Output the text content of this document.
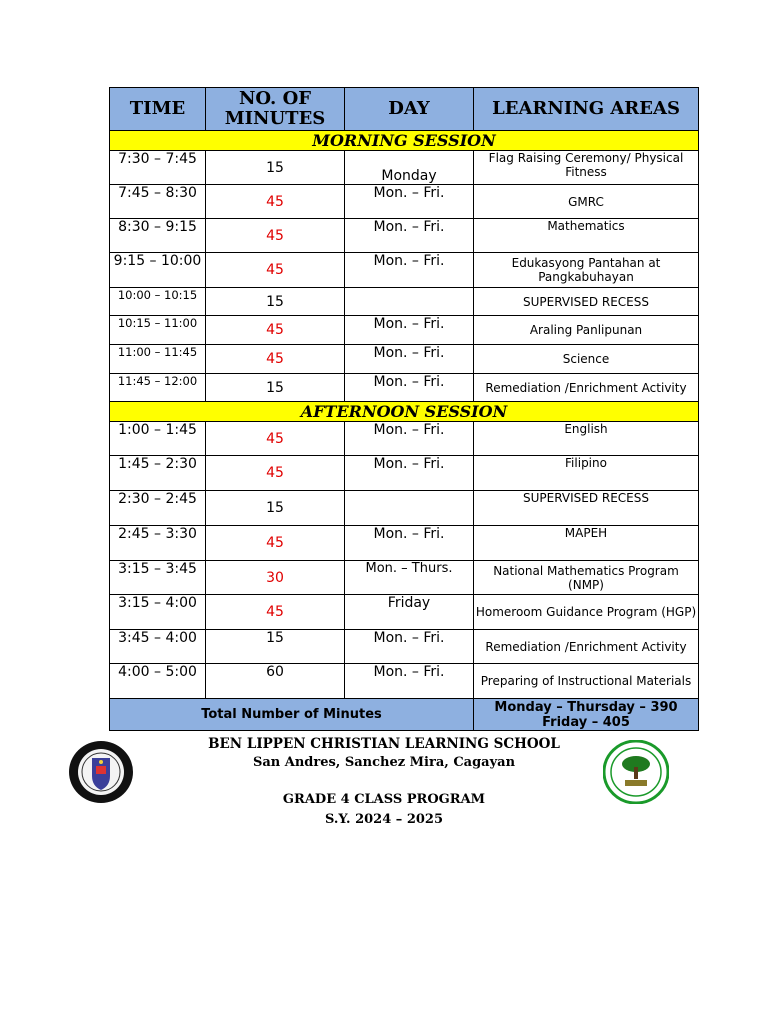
TIME	NO. OF MINUTES	DAY	LEARNING AREAS
MORNING SESSION			
7:30 – 7:45	15	Monday	Flag Raising Ceremony/ Physical Fitness
7:45 – 8:30	45	Mon. – Fri.	GMRC
8:30 – 9:15	45	Mon. – Fri.	Mathematics
9:15 – 10:00	45	Mon. – Fri.	Edukasyong Pantahan at Pangkabuhayan
10:00 – 10:15	15		SUPERVISED RECESS
10:15 – 11:00	45	Mon. – Fri.	Araling Panlipunan
11:00 – 11:45	45	Mon. – Fri.	Science
11:45 – 12:00	15	Mon. – Fri.	Remediation /Enrichment Activity
AFTERNOON SESSION			
1:00 – 1:45	45	Mon. – Fri.	English
1:45 – 2:30	45	Mon. – Fri.	Filipino
2:30 – 2:45	15		SUPERVISED RECESS
2:45 – 3:30	45	Mon. – Fri.	MAPEH
3:15 – 3:45	30	Mon. – Thurs.	National Mathematics Program (NMP)
3:15 – 4:00	45	Friday	Homeroom Guidance Program (HGP)
3:45 – 4:00	15	Mon. – Fri.	Remediation /Enrichment Activity
4:00 – 5:00	60	Mon. – Fri.	Preparing of Instructional Materials
Total Number of Minutes			Monday – Thursday – 390
Friday – 405
BEN LIPPEN CHRISTIAN LEARNING SCHOOL
San Andres, Sanchez Mira, Cagayan
GRADE 4 CLASS PROGRAM
S.Y. 2024 – 2025
